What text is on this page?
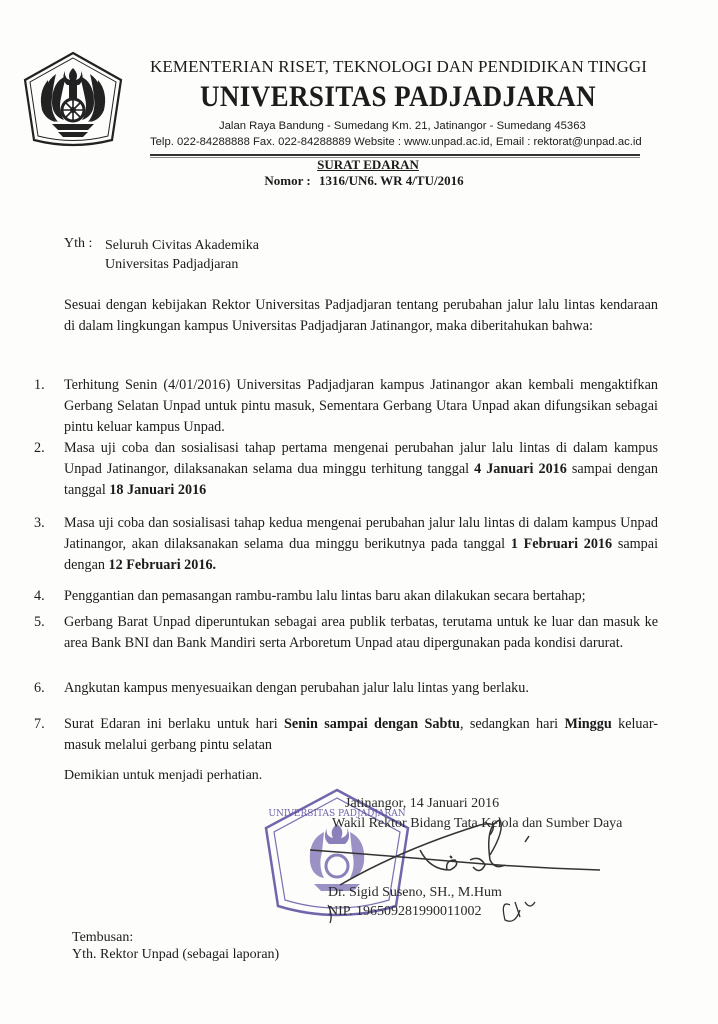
KEMENTERIAN RISET, TEKNOLOGI DAN PENDIDIKAN TINGGI
UNIVERSITAS PADJADJARAN
Jalan Raya Bandung - Sumedang Km. 21, Jatinangor - Sumedang 45363
Telp. 022-84288888 Fax. 022-84288889 Website : www.unpad.ac.id, Email : rektorat@unpad.ac.id
SURAT EDARAN
Nomor : 1316/UN6. WR 4/TU/2016
Yth : Seluruh Civitas Akademika
Universitas Padjadjaran
Sesuai dengan kebijakan Rektor Universitas Padjadjaran tentang perubahan jalur lalu lintas kendaraan di dalam lingkungan kampus Universitas Padjadjaran Jatinangor, maka diberitahukan bahwa:
1. Terhitung Senin (4/01/2016) Universitas Padjadjaran kampus Jatinangor akan kembali mengaktifkan Gerbang Selatan Unpad untuk pintu masuk, Sementara Gerbang Utara Unpad akan difungsikan sebagai pintu keluar kampus Unpad.
2. Masa uji coba dan sosialisasi tahap pertama mengenai perubahan jalur lalu lintas di dalam kampus Unpad Jatinangor, dilaksanakan selama dua minggu terhitung tanggal 4 Januari 2016 sampai dengan tanggal 18 Januari 2016
3. Masa uji coba dan sosialisasi tahap kedua mengenai perubahan jalur lalu lintas di dalam kampus Unpad Jatinangor, akan dilaksanakan selama dua minggu berikutnya pada tanggal 1 Februari 2016 sampai dengan 12 Februari 2016.
4. Penggantian dan pemasangan rambu-rambu lalu lintas baru akan dilakukan secara bertahap;
5. Gerbang Barat Unpad diperuntukan sebagai area publik terbatas, terutama untuk ke luar dan masuk ke area Bank BNI dan Bank Mandiri serta Arboretum Unpad atau dipergunakan pada kondisi darurat.
6. Angkutan kampus menyesuaikan dengan perubahan jalur lalu lintas yang berlaku.
7. Surat Edaran ini berlaku untuk hari Senin sampai dengan Sabtu, sedangkan hari Minggu keluar-masuk melalui gerbang pintu selatan
Demikian untuk menjadi perhatian.
UNIVERSITAS PADJADJARAN
Jatinangor, 14 Januari 2016
Wakil Rektor Bidang Tata Kelola dan Sumber Daya
Dr. Sigid Suseno, SH., M.Hum
NIP. 196509281990011002
Tembusan:
Yth. Rektor Unpad (sebagai laporan)
